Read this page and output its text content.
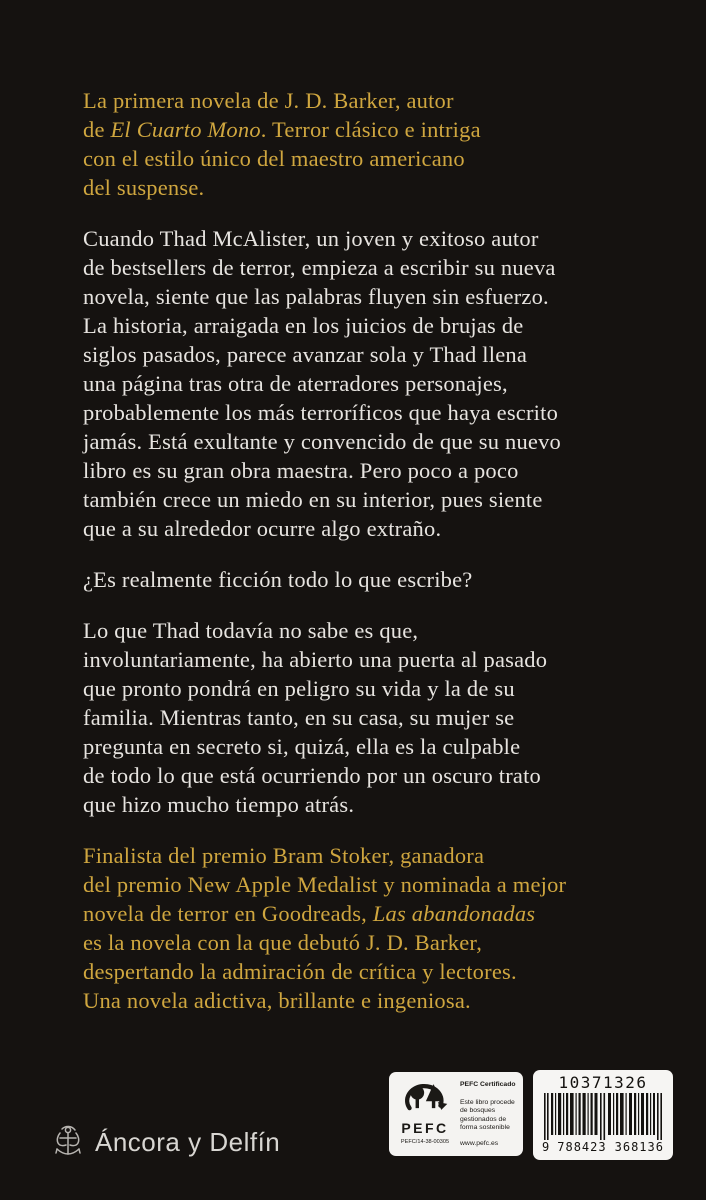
La primera novela de J. D. Barker, autor
de El Cuarto Mono. Terror clásico e intriga
con el estilo único del maestro americano
del suspense.
Cuando Thad McAlister, un joven y exitoso autor
de bestsellers de terror, empieza a escribir su nueva
novela, siente que las palabras fluyen sin esfuerzo.
La historia, arraigada en los juicios de brujas de
siglos pasados, parece avanzar sola y Thad llena
una página tras otra de aterradores personajes,
probablemente los más terroríficos que haya escrito
jamás. Está exultante y convencido de que su nuevo
libro es su gran obra maestra. Pero poco a poco
también crece un miedo en su interior, pues siente
que a su alrededor ocurre algo extraño.
¿Es realmente ficción todo lo que escribe?
Lo que Thad todavía no sabe es que,
involuntariamente, ha abierto una puerta al pasado
que pronto pondrá en peligro su vida y la de su
familia. Mientras tanto, en su casa, su mujer se
pregunta en secreto si, quizá, ella es la culpable
de todo lo que está ocurriendo por un oscuro trato
que hizo mucho tiempo atrás.
Finalista del premio Bram Stoker, ganadora
del premio New Apple Medalist y nominada a mejor
novela de terror en Goodreads, Las abandonadas
es la novela con la que debutó J. D. Barker,
despertando la admiración de crítica y lectores.
Una novela adictiva, brillante e ingeniosa.
Áncora y Delfín	PEFC
PEFC/14-38-00305
PEFC Certificado
Este libro procede de bosques gestionados de forma sostenible
www.pefc.es
10371326
9 788423 368136
